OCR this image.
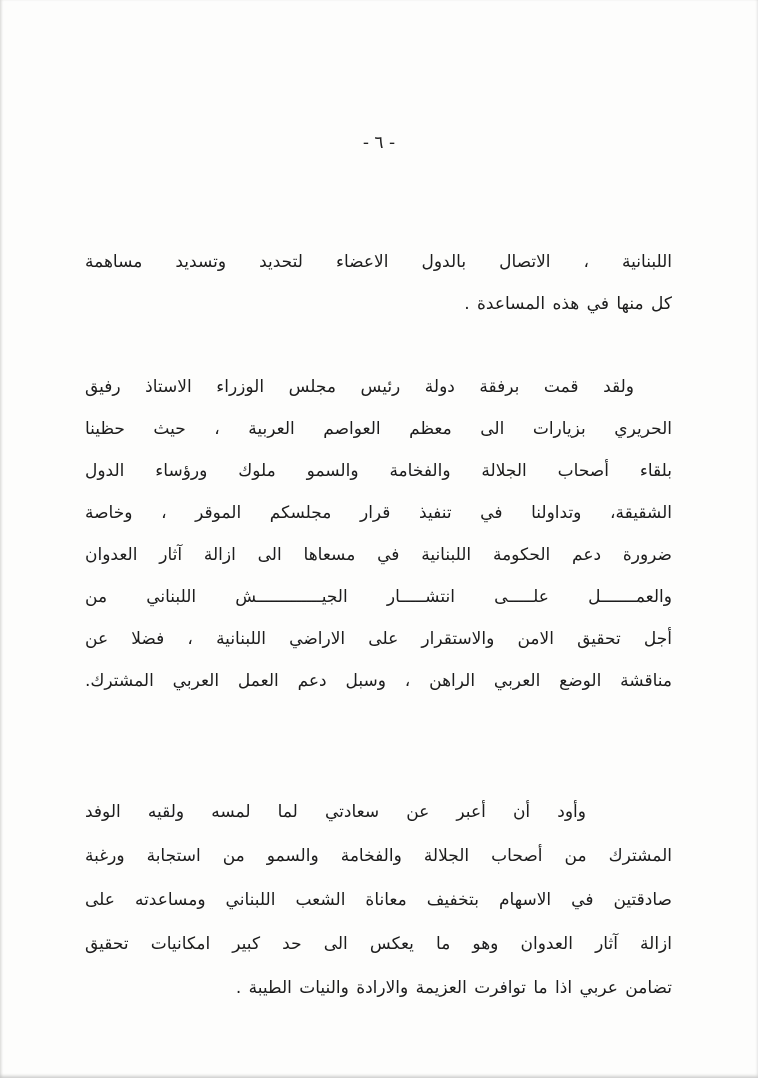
- ٦ -
اللبنانية ، الاتصال بالدول الاعضاء لتحديد وتسديد مساهمة
كل منها في هذه المساعدة .
ولقد قمت برفقة دولة رئيس مجلس الوزراء الاستاذ رفيق
الحريري بزيارات الى معظم العواصم العربية ، حيث حظينا
بلقاء أصحاب الجلالة والفخامة والسمو ملوك ورؤساء الدول
الشقيقة، وتداولنا في تنفيذ قرار مجلسكم الموقر ، وخاصة
ضرورة دعم الحكومة اللبنانية في مسعاها الى ازالة آثار العدوان
والعمـــــــل علـــــى انتشـــــار الجيـــــــــــــش اللبناني من
أجل تحقيق الامن والاستقرار على الاراضي اللبنانية ، فضلا عن
مناقشة الوضع العربي الراهن ، وسبل دعم العمل العربي المشترك.
وأود أن أعبر عن سعادتي لما لمسه ولقيه الوفد
المشترك من أصحاب الجلالة والفخامة والسمو من استجابة ورغبة
صادقتين في الاسهام بتخفيف معاناة الشعب اللبناني ومساعدته على
ازالة آثار العدوان وهو ما يعكس الى حد كبير امكانيات تحقيق
تضامن عربي اذا ما توافرت العزيمة والارادة والنيات الطيبة .
